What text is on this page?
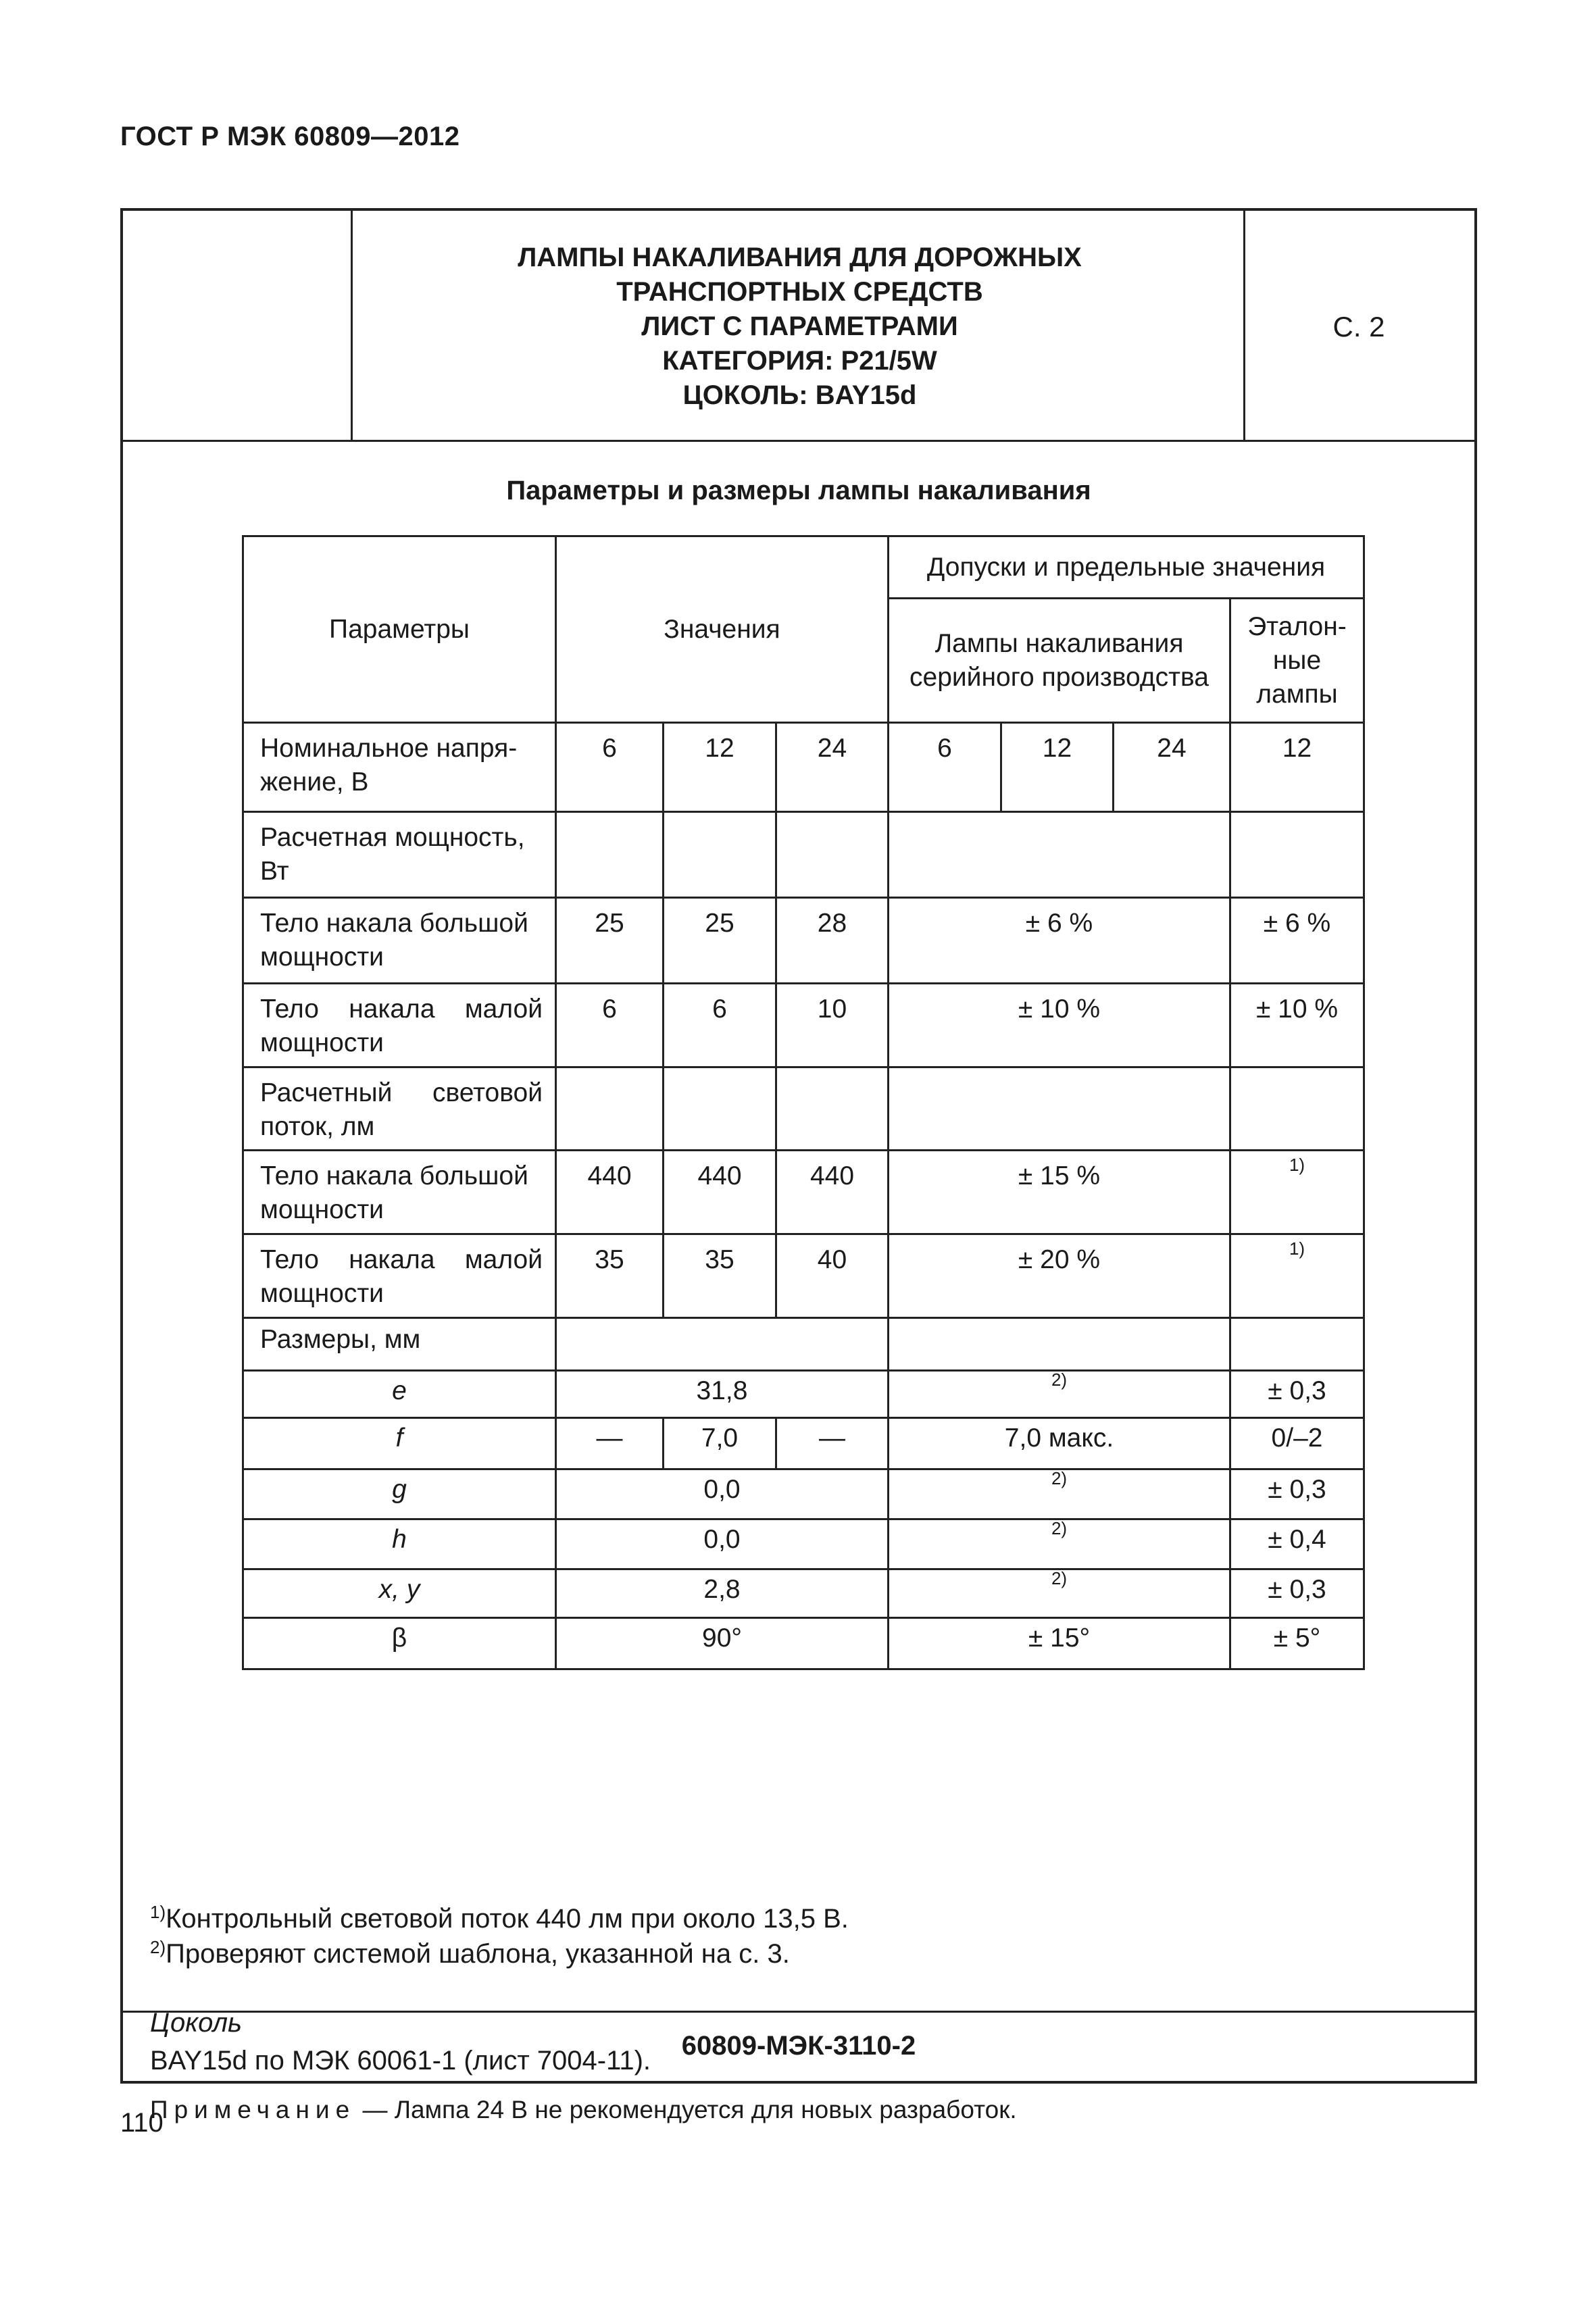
ГОСТ Р МЭК 60809—2012
ЛАМПЫ НАКАЛИВАНИЯ ДЛЯ ДОРОЖНЫХ
ТРАНСПОРТНЫХ СРЕДСТВ
ЛИСТ С ПАРАМЕТРАМИ
КАТЕГОРИЯ: P21/5W
ЦОКОЛЬ: BAY15d
С. 2
Параметры и размеры лампы накаливания
Параметры	Значения			Допуски и предельные значения			
				Лампы накаливания серийного производства			Эталон-ные лампы
Номинальное напря-жение, В	6	12	24	6	12	24	12
Расчетная мощность, Вт							
Тело накала большой мощности	25	25	28	± 6 %			± 6 %
Тело накала малой мощности	6	6	10	± 10 %			± 10 %
Расчетный световой поток, лм							
Тело накала большой мощности	440	440	440	± 15 %			1)

Тело накала малой мощности	35	35	40	± 20 %			1)

Размеры, мм							
e	31,8			2)			± 0,3
f	—	7,0	—	7,0 макс.			0/–2
g	0,0			2)			± 0,3
h	0,0			2)			± 0,4
x, y	2,8			2)			± 0,3
β	90°			± 15°			± 5°
$^{1)}$Контрольный световой поток 440 лм при около 13,5 В.
$^{2)}$Проверяют системой шаблона, указанной на с. 3.
Цоколь
BAY15d по МЭК 60061-1 (лист 7004-11).
Примечание — Лампа 24 В не рекомендуется для новых разработок.
60809-МЭК-3110-2
110
